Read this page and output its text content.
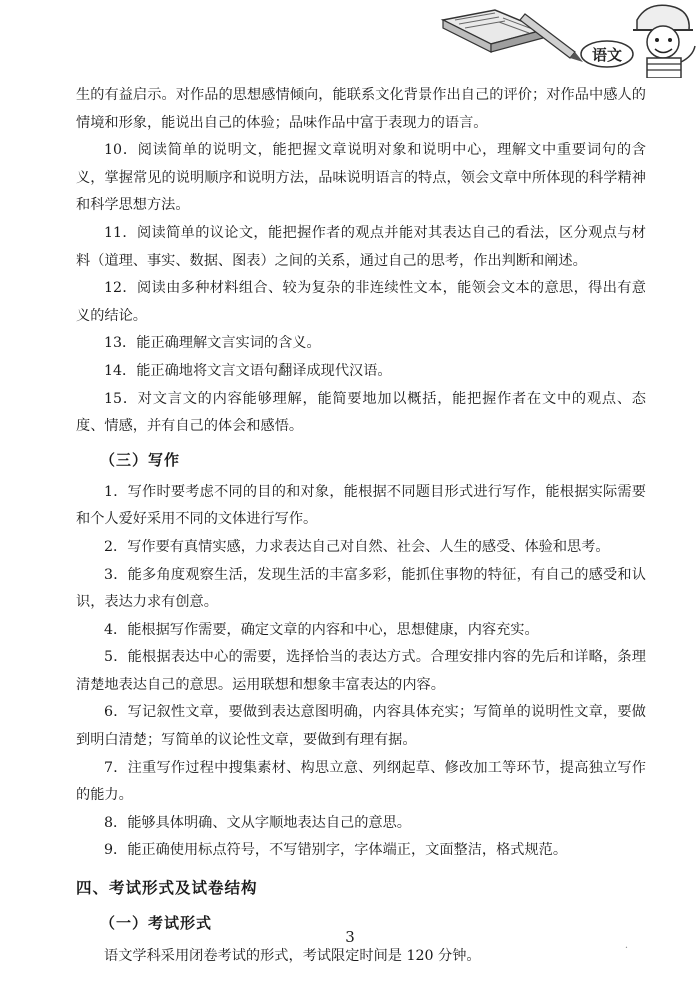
语文

生的有益启示。对作品的思想感情倾向，能联系文化背景作出自己的评价；对作品中感人的情境和形象，能说出自己的体验；品味作品中富于表现力的语言。

10．阅读简单的说明文，能把握文章说明对象和说明中心，理解文中重要词句的含义，掌握常见的说明顺序和说明方法，品味说明语言的特点，领会文章中所体现的科学精神和科学思想方法。

11．阅读简单的议论文，能把握作者的观点并能对其表达自己的看法，区分观点与材料（道理、事实、数据、图表）之间的关系，通过自己的思考，作出判断和阐述。

12．阅读由多种材料组合、较为复杂的非连续性文本，能领会文本的意思，得出有意义的结论。

13．能正确理解文言实词的含义。

14．能正确地将文言文语句翻译成现代汉语。

15．对文言文的内容能够理解，能简要地加以概括，能把握作者在文中的观点、态度、情感，并有自己的体会和感悟。

（三）写作

1．写作时要考虑不同的目的和对象，能根据不同题目形式进行写作，能根据实际需要和个人爱好采用不同的文体进行写作。

2．写作要有真情实感，力求表达自己对自然、社会、人生的感受、体验和思考。

3．能多角度观察生活，发现生活的丰富多彩，能抓住事物的特征，有自己的感受和认识，表达力求有创意。

4．能根据写作需要，确定文章的内容和中心，思想健康，内容充实。

5．能根据表达中心的需要，选择恰当的表达方式。合理安排内容的先后和详略，条理清楚地表达自己的意思。运用联想和想象丰富表达的内容。

6．写记叙性文章，要做到表达意图明确，内容具体充实；写简单的说明性文章，要做到明白清楚；写简单的议论性文章，要做到有理有据。

7．注重写作过程中搜集素材、构思立意、列纲起草、修改加工等环节，提高独立写作的能力。

8．能够具体明确、文从字顺地表达自己的意思。

9．能正确使用标点符号，不写错别字，字体端正，文面整洁，格式规范。

四、考试形式及试卷结构
（一）考试形式

语文学科采用闭卷考试的形式，考试限定时间是 120 分钟。

3	.
